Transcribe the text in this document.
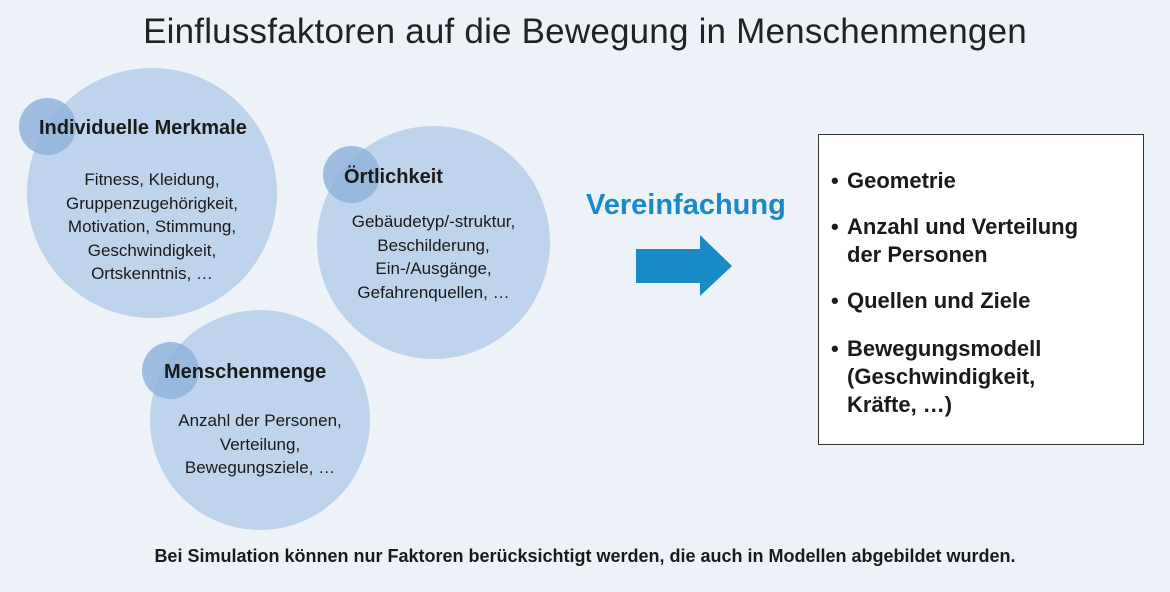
Einflussfaktoren auf die Bewegung in Menschenmengen
Individuelle Merkmale
Fitness, Kleidung,
Gruppenzugehörigkeit,
Motivation, Stimmung,
Geschwindigkeit,
Ortskenntnis, …
Örtlichkeit
Gebäudetyp/-struktur,
Beschilderung,
Ein-/Ausgänge,
Gefahrenquellen, …
Menschenmenge
Anzahl der Personen,
Verteilung,
Bewegungsziele, …
Vereinfachung
• Geometrie
• Anzahl und Verteilung
der Personen
• Quellen und Ziele
• Bewegungsmodell
(Geschwindigkeit,
Kräfte, …)
Bei Simulation können nur Faktoren berücksichtigt werden, die auch in Modellen abgebildet wurden.
